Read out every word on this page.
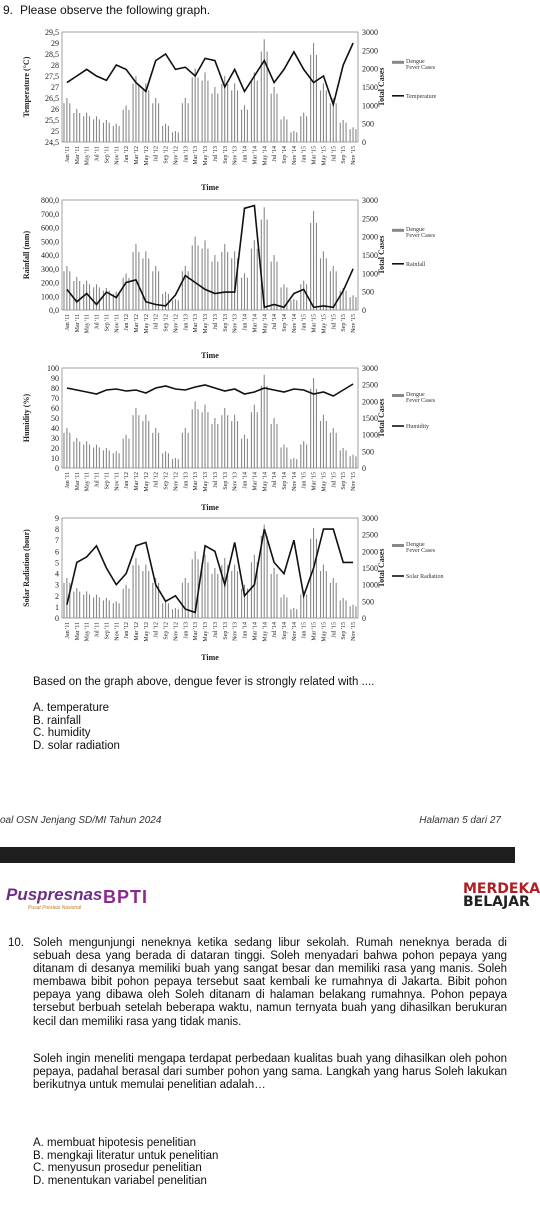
9. Please observe the following graph.
29,5
29
28,5
28
27,5
27
26,5
26
25,5
25
24,5
3000
2500
2000
1500
1000
500
0
Jan '11 Mar '11 May '11 Jul '11 Sep '11 Nov '11 Jan '12 Mar '12 May '12 Jul '12 Sep '12 Nov '12 Jan '13 Mar '13 May '13 Jul '13 Sep '13 Nov '13 Jan '14 Mar '14 May '14 Jul '14 Sep '14 Nov '14 Jan '15 Mar '15 May '15 Jul '15 Sep '15 Nov '15
Time
Temperature (°C)	Total Cases
Dengue
Fever Cases
Temperature
800,0
700,0
600,0
500,0
400,0
300,0
200,0
100,0
0,0
3000
2500
2000
1500
1000
500
0
Jan '11 Mar '11 May '11 Jul '11 Sep '11 Nov '11 Jan '12 Mar '12 May '12 Jul '12 Sep '12 Nov '12 Jan '13 Mar '13 May '13 Jul '13 Sep '13 Nov '13 Jan '14 Mar '14 May '14 Jul '14 Sep '14 Nov '14 Jan '15 Mar '15 May '15 Jul '15 Sep '15 Nov '15
Time
Rainfall (mm)	Total Cases
Dengue
Fever Cases
Rainfall
100
90
80
70
60
50
40
30
20
10
0
3000
2500
2000
1500
1000
500
0
Jan '11 Mar '11 May '11 Jul '11 Sep '11 Nov '11 Jan '12 Mar '12 May '12 Jul '12 Sep '12 Nov '12 Jan '13 Mar '13 May '13 Jul '13 Sep '13 Nov '13 Jan '14 Mar '14 May '14 Jul '14 Sep '14 Nov '14 Jan '15 Mar '15 May '15 Jul '15 Sep '15 Nov '15
Time
Humidity (%)	Total Cases
Dengue
Fever Cases
Humidity
9
8
7
6
5
4
3
2
1
0
3000
2500
2000
1500
1000
500
0
Jan '11 Mar '11 May '11 Jul '11 Sep '11 Nov '11 Jan '12 Mar '12 May '12 Jul '12 Sep '12 Nov '12 Jan '13 Mar '13 May '13 Jul '13 Sep '13 Nov '13 Jan '14 Mar '14 May '14 Jul '14 Sep '14 Nov '14 Jan '15 Mar '15 May '15 Jul '15 Sep '15 Nov '15
Time
Solar Radiation (hour)	Total Cases
Dengue
Fever Cases
Solar Radiation
Based on the graph above, dengue fever is strongly related with ....
A. temperature
B. rainfall
C. humidity
D. solar radiation
oal OSN Jenjang SD/MI Tahun 2024	Halaman 5 dari 27
Puspresnas
Pusat Prestasi Nasional
BPTI	MERDEKA
BELAJAR
10. Soleh mengunjungi neneknya ketika sedang libur sekolah. Rumah neneknya berada di sebuah desa yang berada di dataran tinggi. Soleh menyadari bahwa pohon pepaya yang ditanam di desanya memiliki buah yang sangat besar dan memiliki rasa yang manis. Soleh membawa bibit pohon pepaya tersebut saat kembali ke rumahnya di Jakarta. Bibit pohon pepaya yang dibawa oleh Soleh ditanam di halaman belakang rumahnya. Pohon pepaya tersebut berbuah setelah beberapa waktu, namun ternyata buah yang dihasilkan berukuran kecil dan memiliki rasa yang tidak manis.
Soleh ingin meneliti mengapa terdapat perbedaan kualitas buah yang dihasilkan oleh pohon pepaya, padahal berasal dari sumber pohon yang sama. Langkah yang harus Soleh lakukan berikutnya untuk memulai penelitian adalah…
A. membuat hipotesis penelitian
B. mengkaji literatur untuk penelitian
C. menyusun prosedur penelitian
D. menentukan variabel penelitian
